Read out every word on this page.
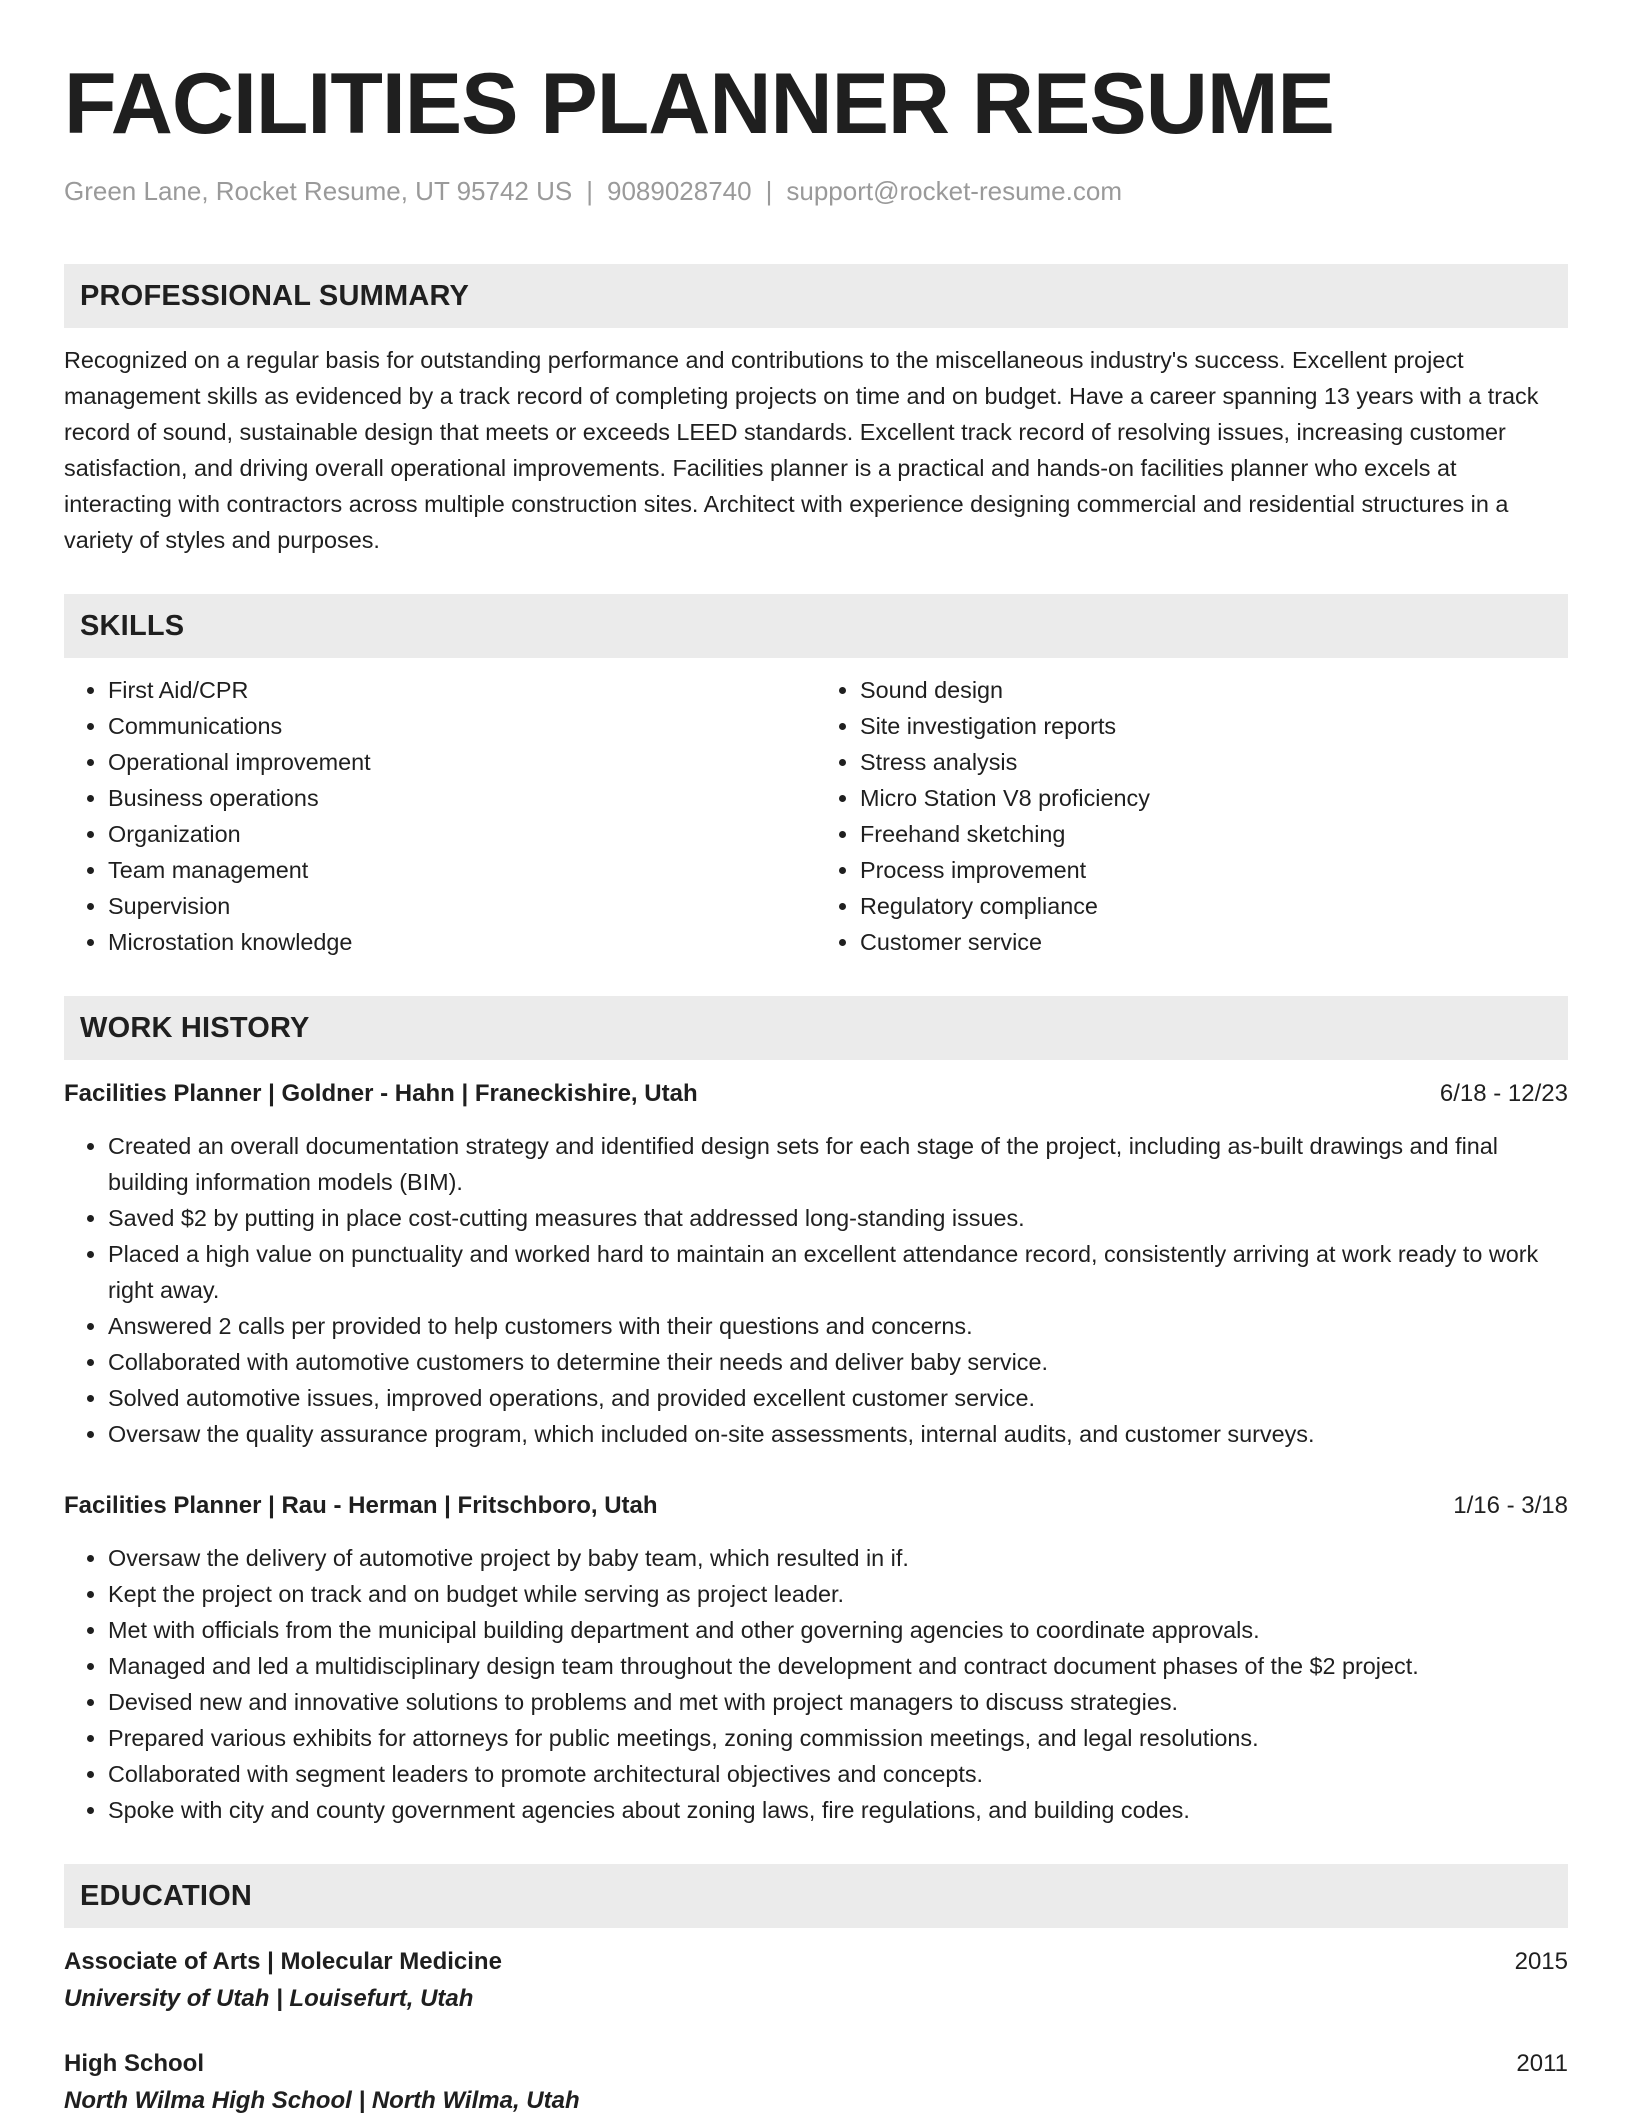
FACILITIES PLANNER RESUME
Green Lane, Rocket Resume, UT 95742 US | 9089028740 | support@rocket-resume.com
PROFESSIONAL SUMMARY

Recognized on a regular basis for outstanding performance and contributions to the miscellaneous industry's success. Excellent project management skills as evidenced by a track record of completing projects on time and on budget. Have a career spanning 13 years with a track record of sound, sustainable design that meets or exceeds LEED standards. Excellent track record of resolving issues, increasing customer satisfaction, and driving overall operational improvements. Facilities planner is a practical and hands-on facilities planner who excels at interacting with contractors across multiple construction sites. Architect with experience designing commercial and residential structures in a variety of styles and purposes.

SKILLS
• First Aid/CPR
• Communications
• Operational improvement
• Business operations
• Organization
• Team management
• Supervision
• Microstation knowledge
• Sound design
• Site investigation reports
• Stress analysis
• Micro Station V8 proficiency
• Freehand sketching
• Process improvement
• Regulatory compliance
• Customer service
WORK HISTORY
Facilities Planner | Goldner - Hahn | Franeckishire, Utah	6/18 - 12/23
• Created an overall documentation strategy and identified design sets for each stage of the project, including as-built drawings and final building information models (BIM).
• Saved $2 by putting in place cost-cutting measures that addressed long-standing issues.
• Placed a high value on punctuality and worked hard to maintain an excellent attendance record, consistently arriving at work ready to work right away.
• Answered 2 calls per provided to help customers with their questions and concerns.
• Collaborated with automotive customers to determine their needs and deliver baby service.
• Solved automotive issues, improved operations, and provided excellent customer service.
• Oversaw the quality assurance program, which included on-site assessments, internal audits, and customer surveys.
Facilities Planner | Rau - Herman | Fritschboro, Utah	1/16 - 3/18
• Oversaw the delivery of automotive project by baby team, which resulted in if.
• Kept the project on track and on budget while serving as project leader.
• Met with officials from the municipal building department and other governing agencies to coordinate approvals.
• Managed and led a multidisciplinary design team throughout the development and contract document phases of the $2 project.
• Devised new and innovative solutions to problems and met with project managers to discuss strategies.
• Prepared various exhibits for attorneys for public meetings, zoning commission meetings, and legal resolutions.
• Collaborated with segment leaders to promote architectural objectives and concepts.
• Spoke with city and county government agencies about zoning laws, fire regulations, and building codes.
EDUCATION
Associate of Arts | Molecular Medicine	2015
University of Utah | Louisefurt, Utah
High School	2011
North Wilma High School | North Wilma, Utah
